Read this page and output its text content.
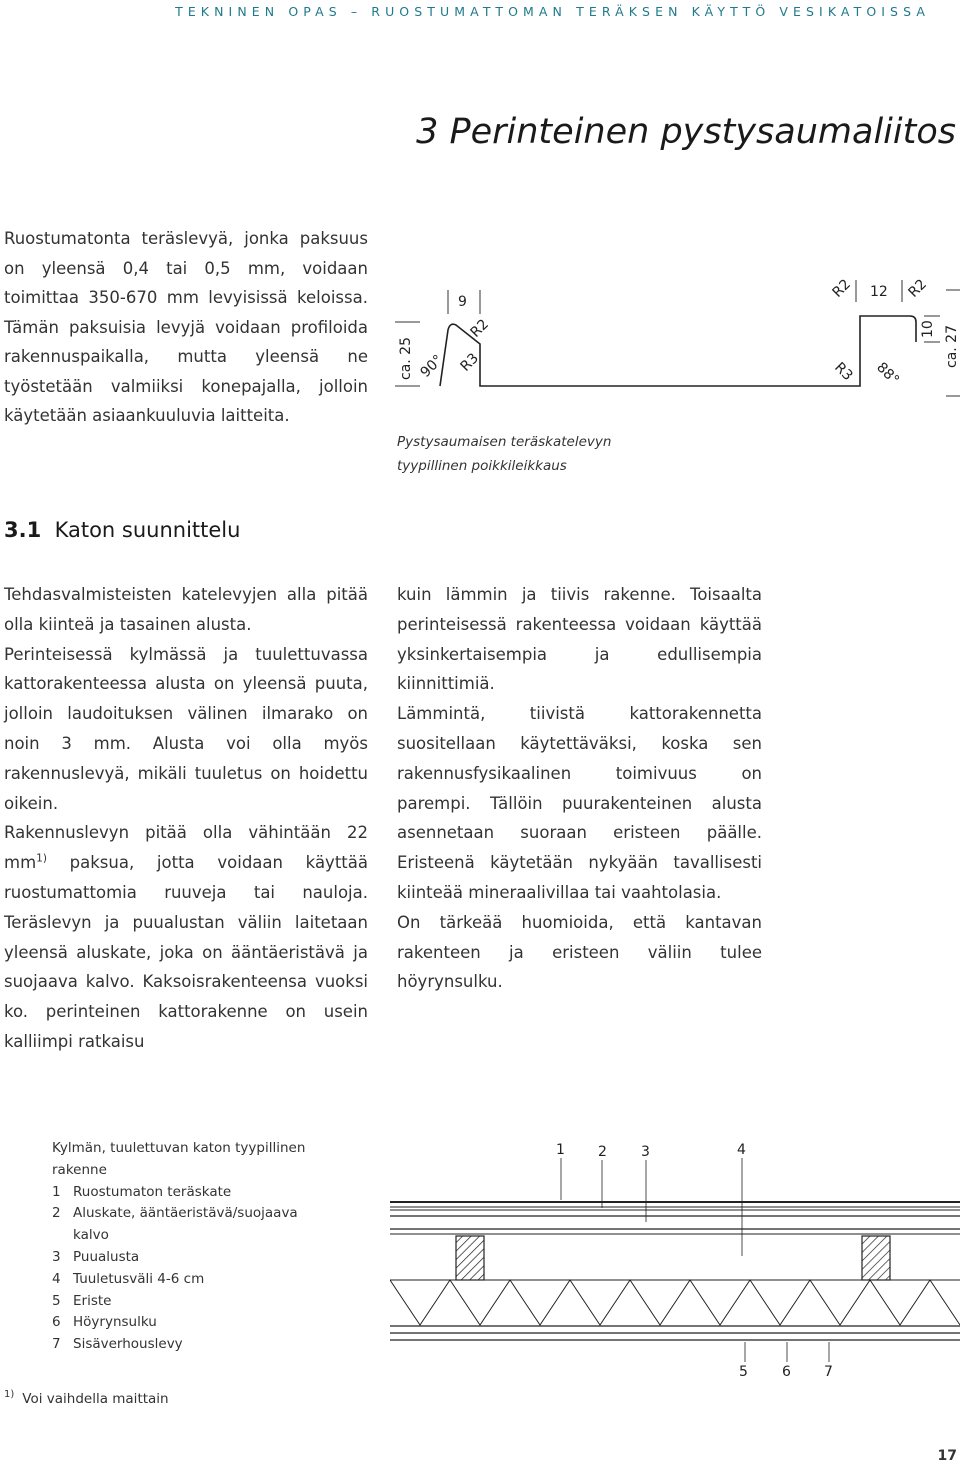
TEKNINEN OPAS – RUOSTUMATTOMAN TERÄKSEN KÄYTTÖ VESIKATOISSA
3 Perinteinen pystysaumaliitos

Ruostumatonta teräslevyä, jonka paksuus on yleensä 0,4 tai 0,5 mm, voidaan toimittaa 350-670 mm levyisissä keloissa. Tämän paksuisia levyjä voidaan profiloida rakennuspaikalla, mutta yleensä ne työstetään valmiiksi konepajalla, jolloin käytetään asiaankuuluvia laitteita.

ca. 25 90° R3
R2
9
R2 12 R2
10 ca. 27
R3 88°
Pystysaumaisen teräskatelevyn
tyypillinen poikkileikkaus
3.1 Katon suunnittelu

Tehdasvalmisteisten katelevyjen alla pitää olla kiinteä ja tasainen alusta.

Perinteisessä kylmässä ja tuulettuvassa kattorakenteessa alusta on yleensä puuta, jolloin laudoituksen välinen ilmarako on noin 3 mm. Alusta voi olla myös rakennuslevyä, mikäli tuuletus on hoidettu oikein.

Rakennuslevyn pitää olla vähintään 22 $mm^{1)}$ paksua, jotta voidaan käyttää ruostumattomia ruuveja tai nauloja. Teräslevyn ja puualustan väliin laitetaan yleensä aluskate, joka on ääntäeristävä ja suojaava kalvo. Kaksoisrakenteensa vuoksi ko. perinteinen kattorakenne on usein kalliimpi ratkaisu

kuin lämmin ja tiivis rakenne. Toisaalta perinteisessä rakenteessa voidaan käyttää yksinkertaisempia ja edullisempia kiinnittimiä.

Lämmintä, tiivistä kattorakennetta suositellaan käytettäväksi, koska sen rakennusfysikaalinen toimivuus on parempi. Tällöin puurakenteinen alusta asennetaan suoraan eristeen päälle. Eristeenä käytetään nykyään tavallisesti kiinteää mineraalivillaa tai vaahtolasia.

On tärkeää huomioida, että kantavan rakenteen ja eristeen väliin tulee höyrynsulku.

Kylmän, tuulettuvan katon tyypillinen rakenne

1 Ruostumaton teräskate
2 Aluskate, ääntäeristävä/suojaava kalvo
3 Puualusta
4 Tuuletusväli 4-6 cm
5 Eriste
6 Höyrynsulku
7 Sisäverhouslevy
1 2 3	4
5 6 7
$^{1)}$ Voi vaihdella maittain
17
